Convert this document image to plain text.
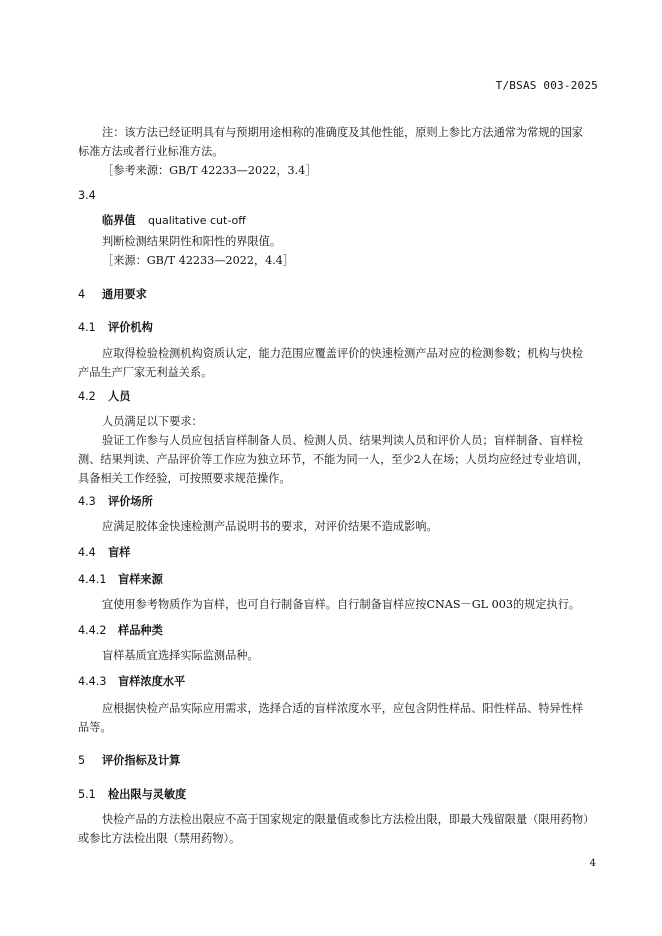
T/BSAS 003-2025
注：该方法已经证明具有与预期用途相称的准确度及其他性能，原则上参比方法通常为常规的国家
标准方法或者行业标准方法。
［参考来源：GB/T 42233—2022，3.4］
3.4
临界值 qualitative cut-off
判断检测结果阴性和阳性的界限值。
［来源：GB/T 42233—2022，4.4］
4 通用要求
4.1 评价机构
应取得检验检测机构资质认定，能力范围应覆盖评价的快速检测产品对应的检测参数；机构与快检
产品生产厂家无利益关系。
4.2 人员
人员满足以下要求：
验证工作参与人员应包括盲样制备人员、检测人员、结果判读人员和评价人员；盲样制备、盲样检
测、结果判读、产品评价等工作应为独立环节，不能为同一人，至少2人在场；人员均应经过专业培训，
具备相关工作经验，可按照要求规范操作。
4.3 评价场所
应满足胶体金快速检测产品说明书的要求，对评价结果不造成影响。
4.4 盲样
4.4.1 盲样来源
宜使用参考物质作为盲样，也可自行制备盲样。自行制备盲样应按CNAS－GL 003的规定执行。
4.4.2 样品种类
盲样基质宜选择实际监测品种。
4.4.3 盲样浓度水平
应根据快检产品实际应用需求，选择合适的盲样浓度水平，应包含阴性样品、阳性样品、特异性样
品等。
5 评价指标及计算
5.1 检出限与灵敏度
快检产品的方法检出限应不高于国家规定的限量值或参比方法检出限，即最大残留限量（限用药物）
或参比方法检出限（禁用药物）。
4
